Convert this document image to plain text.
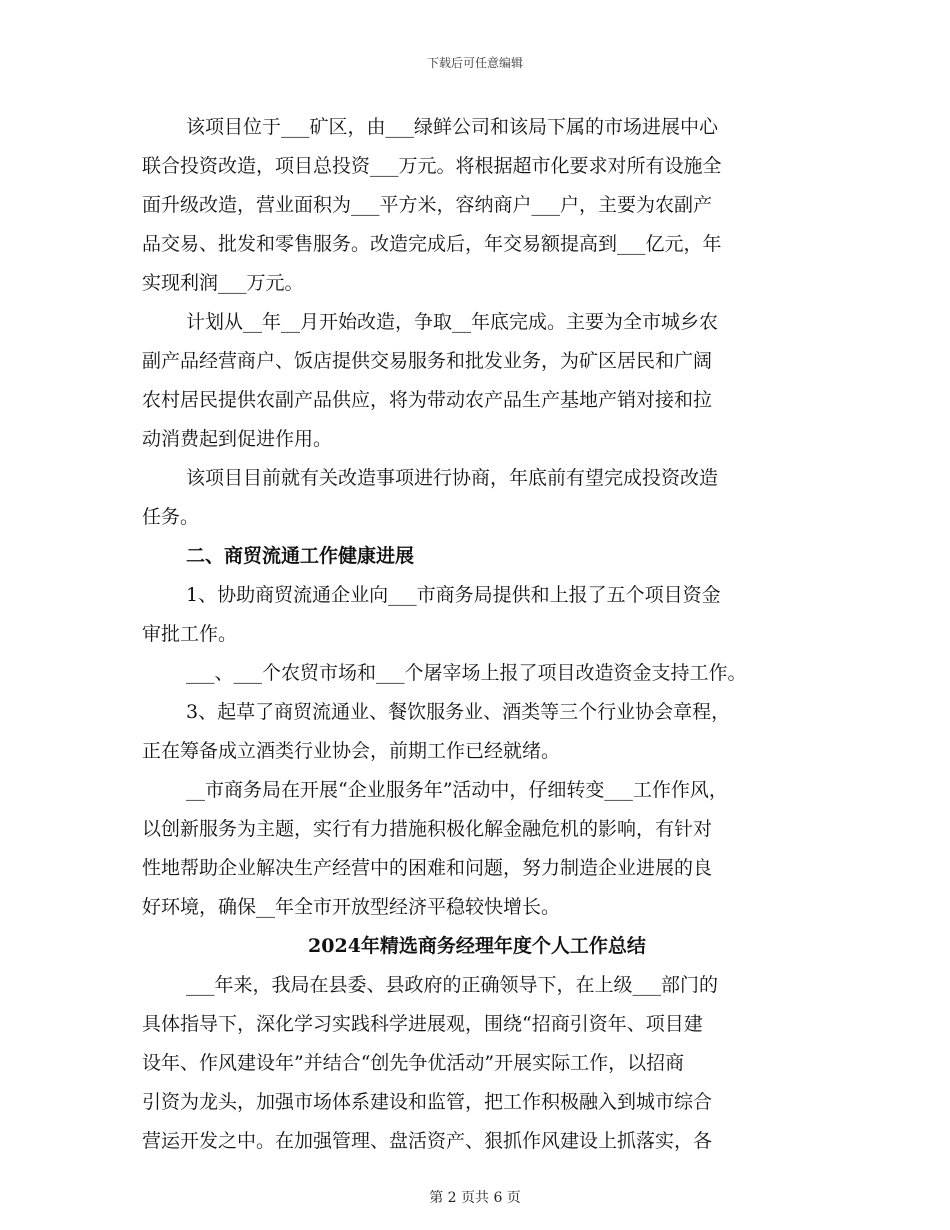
下载后可任意编辑
该项目位于___矿区，由___绿鲜公司和该局下属的市场进展中心
联合投资改造，项目总投资___万元。将根据超市化要求对所有设施全
面升级改造，营业面积为___平方米，容纳商户___户，主要为农副产
品交易、批发和零售服务。改造完成后，年交易额提高到___亿元，年
实现利润___万元。
计划从__年__月开始改造，争取__年底完成。主要为全市城乡农
副产品经营商户、饭店提供交易服务和批发业务，为矿区居民和广阔
农村居民提供农副产品供应，将为带动农产品生产基地产销对接和拉
动消费起到促进作用。
该项目目前就有关改造事项进行协商，年底前有望完成投资改造
任务。
二、商贸流通工作健康进展
1、协助商贸流通企业向___市商务局提供和上报了五个项目资金
审批工作。
___、___个农贸市场和___个屠宰场上报了项目改造资金支持工作。
3、起草了商贸流通业、餐饮服务业、酒类等三个行业协会章程，
正在筹备成立酒类行业协会，前期工作已经就绪。
__市商务局在开展“企业服务年”活动中，仔细转变___工作作风，
以创新服务为主题，实行有力措施积极化解金融危机的影响，有针对
性地帮助企业解决生产经营中的困难和问题，努力制造企业进展的良
好环境，确保__年全市开放型经济平稳较快增长。
2024年精选商务经理年度个人工作总结
___年来，我局在县委、县政府的正确领导下，在上级___部门的
具体指导下，深化学习实践科学进展观，围绕“招商引资年、项目建
设年、作风建设年”并结合“创先争优活动”开展实际工作，以招商
引资为龙头，加强市场体系建设和监管，把工作积极融入到城市综合
营运开发之中。在加强管理、盘活资产、狠抓作风建设上抓落实，各
第 2 页共 6 页
